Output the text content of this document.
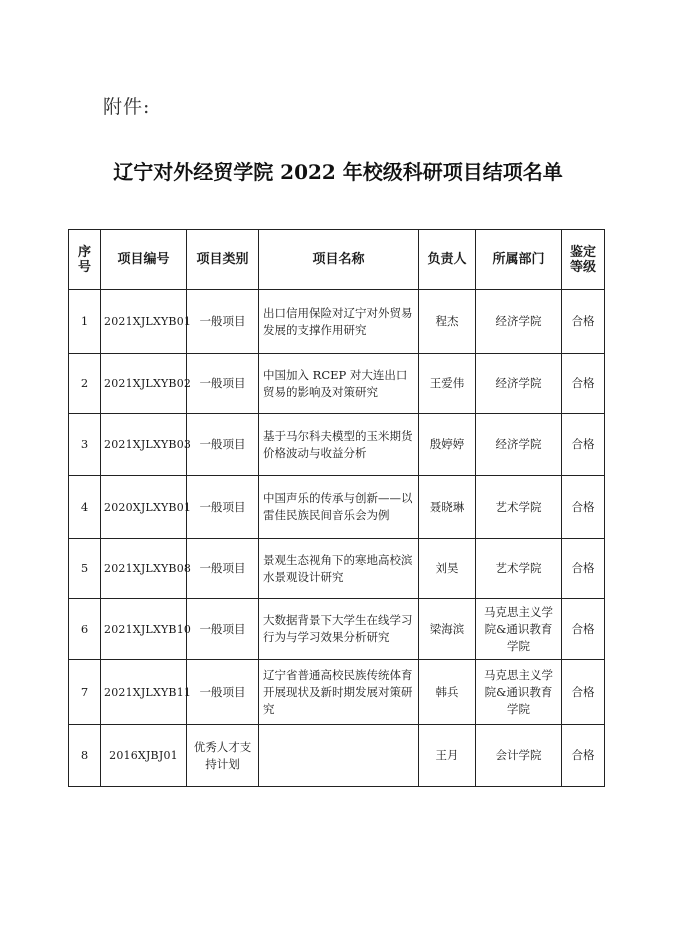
附件:
辽宁对外经贸学院 2022 年校级科研项目结项名单
序号	项目编号	项目类别	项目名称	负责人	所属部门	鉴定等级
1	2021XJLXYB01	一般项目	出口信用保险对辽宁对外贸易发展的支撑作用研究	程杰	经济学院	合格
2	2021XJLXYB02	一般项目	中国加入 RCEP 对大连出口贸易的影响及对策研究	王爱伟	经济学院	合格
3	2021XJLXYB03	一般项目	基于马尔科夫模型的玉米期货价格波动与收益分析	殷婷婷	经济学院	合格
4	2020XJLXYB01	一般项目	中国声乐的传承与创新——以雷佳民族民间音乐会为例	聂晓琳	艺术学院	合格
5	2021XJLXYB08	一般项目	景观生态视角下的寒地高校滨水景观设计研究	刘昊	艺术学院	合格
6	2021XJLXYB10	一般项目	大数据背景下大学生在线学习行为与学习效果分析研究	梁海滨	马克思主义学院&通识教育学院	合格
7	2021XJLXYB11	一般项目	辽宁省普通高校民族传统体育开展现状及新时期发展对策研究	韩兵	马克思主义学院&通识教育学院	合格
8	2016XJBJ01	优秀人才支持计划		王月	会计学院	合格
